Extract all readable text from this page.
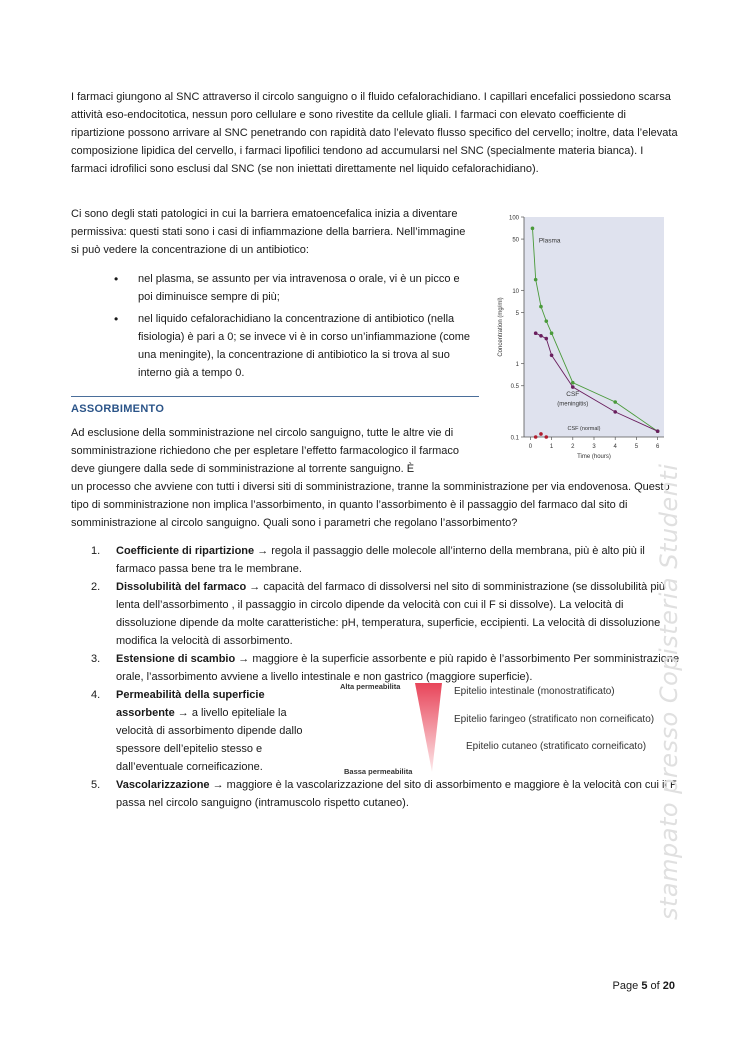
I farmaci giungono al SNC attraverso il circolo sanguigno o il fluido cefalorachidiano. I capillari encefalici possiedono scarsa attività eso-endocitotica, nessun poro cellulare e sono rivestite da cellule gliali. I farmaci con elevato coefficiente di ripartizione possono arrivare al SNC penetrando con rapidità dato l’elevato flusso specifico del cervello; inoltre, data l’elevata composizione lipidica del cervello, i farmaci lipofilici tendono ad accumularsi nel SNC (specialmente materia bianca). I farmaci idrofilici sono esclusi dal SNC (se non iniettati direttamente nel liquido cefalorachidiano).

Ci sono degli stati patologici in cui la barriera ematoencefalica inizia a diventare permissiva: questi stati sono i casi di infiammazione della barriera. Nell’immagine si può vedere la concentrazione di un antibiotico:

• nel plasma, se assunto per via intravenosa o orale, vi è un picco e poi diminuisce sempre di più;
• nel liquido cefalorachidiano la concentrazione di antibiotico (nella fisiologia) è pari a 0; se invece vi è in corso un’infiammazione (come una meningite), la concentrazione di antibiotico la si trova al suo interno già a tempo 0.
0.1
0.5
1
5
10
50
100
0	1	2	3	4	5	6
Time (hours)
Concentration (mg/ml)
Plasma
CSF
(meningitis)
CSF (normal)
ASSORBIMENTO

Ad esclusione della somministrazione nel circolo sanguigno, tutte le altre vie di somministrazione richiedono che per espletare l’effetto farmacologico il farmaco deve giungere dalla sede di somministrazione al torrente sanguigno. È

un processo che avviene con tutti i diversi siti di somministrazione, tranne la somministrazione per via endovenosa. Questo tipo di somministrazione non implica l’assorbimento, in quanto l’assorbimento è il passaggio del farmaco dal sito di somministrazione al circolo sanguigno. Quali sono i parametri che regolano l’assorbimento?

1. Coefficiente di ripartizione → regola il passaggio delle molecole all’interno della membrana, più è alto più il farmaco passa bene tra le membrane.
2. Dissolubilità del farmaco → capacità del farmaco di dissolversi nel sito di somministrazione (se dissolubilità più lenta dell’assorbimento , il passaggio in circolo dipende da velocità con cui il F si dissolve). La velocità di dissoluzione dipende da molte caratteristiche: pH, temperatura, superficie, eccipienti. La velocità di dissoluzione modifica la velocità di assorbimento.
3. Estensione di scambio → maggiore è la superficie assorbente e più rapido è l’assorbimento Per somministrazione orale, l’assorbimento avviene a livello intestinale e non gastrico (maggiore superficie).
4. Permeabilità della superficie assorbente → a livello epiteliale la velocità di assorbimento dipende dallo spessore dell’epitelio stesso e dall’eventuale corneificazione.
5. Vascolarizzazione → maggiore è la vascolarizzazione del sito di assorbimento e maggiore è la velocità con cui il F passa nel circolo sanguigno (intramuscolo rispetto cutaneo).
Alta permeabilita
Bassa permeabilita
Epitelio intestinale (monostratificato)
Epitelio faringeo (stratificato non corneificato)
Epitelio cutaneo (stratificato corneificato) stampato presso Copisteria Studenti
Page 5 of 20
